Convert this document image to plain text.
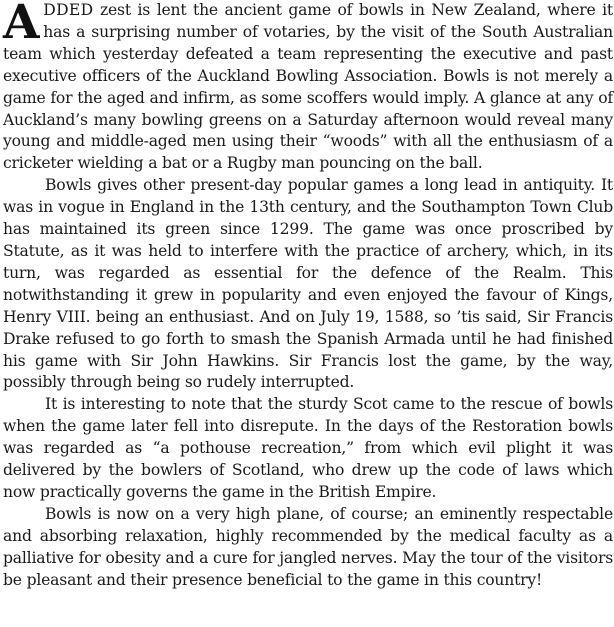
ADDED zest is lent the ancient game of bowls in New Zealand, where it has a surprising number of votaries, by the visit of the South Australian team which yesterday defeated a team representing the executive and past executive officers of the Auckland Bowling Association. Bowls is not merely a game for the aged and infirm, as some scoffers would imply. A glance at any of Auckland’s many bowling greens on a Saturday afternoon would reveal many young and middle-aged men using their “woods” with all the enthusiasm of a cricketer wielding a bat or a Rugby man pouncing on the ball.

Bowls gives other present-day popular games a long lead in antiquity. It was in vogue in England in the 13th century, and the Southampton Town Club has maintained its green since 1299. The game was once proscribed by Statute, as it was held to interfere with the practice of archery, which, in its turn, was regarded as essential for the defence of the Realm. This notwithstanding it grew in popularity and even enjoyed the favour of Kings, Henry VIII. being an enthusiast. And on July 19, 1588, so ’tis said, Sir Francis Drake refused to go forth to smash the Spanish Armada until he had finished his game with Sir John Hawkins. Sir Francis lost the game, by the way, possibly through being so rudely interrupted.

It is interesting to note that the sturdy Scot came to the rescue of bowls when the game later fell into disrepute. In the days of the Restoration bowls was regarded as “a pothouse recreation,” from which evil plight it was delivered by the bowlers of Scotland, who drew up the code of laws which now practically governs the game in the British Empire.

Bowls is now on a very high plane, of course; an eminently respectable and absorbing relaxation, highly recommended by the medical faculty as a palliative for obesity and a cure for jangled nerves. May the tour of the visitors be pleasant and their presence beneficial to the game in this country!
